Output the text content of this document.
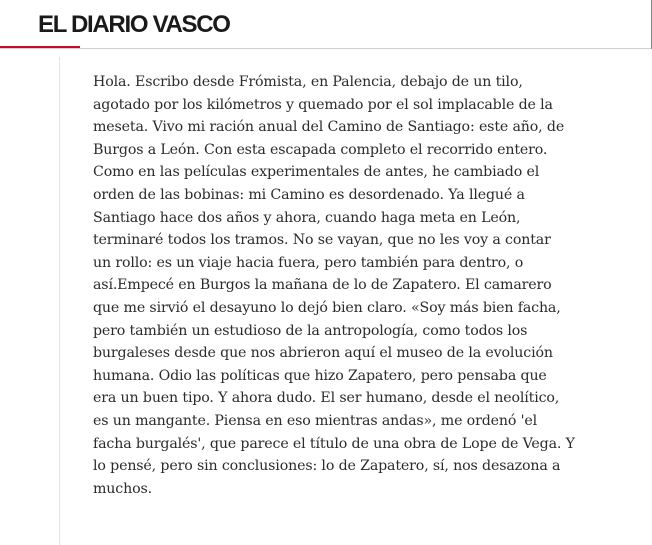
EL DIARIO VASCO

Hola. Escribo desde Frómista, en Palencia, debajo de un tilo,
agotado por los kilómetros y quemado por el sol implacable de la
meseta. Vivo mi ración anual del Camino de Santiago: este año, de
Burgos a León. Con esta escapada completo el recorrido entero.
Como en las películas experimentales de antes, he cambiado el
orden de las bobinas: mi Camino es desordenado. Ya llegué a
Santiago hace dos años y ahora, cuando haga meta en León,
terminaré todos los tramos. No se vayan, que no les voy a contar
un rollo: es un viaje hacia fuera, pero también para dentro, o
así.Empecé en Burgos la mañana de lo de Zapatero. El camarero
que me sirvió el desayuno lo dejó bien claro. «Soy más bien facha,
pero también un estudioso de la antropología, como todos los
burgaleses desde que nos abrieron aquí el museo de la evolución
humana. Odio las políticas que hizo Zapatero, pero pensaba que
era un buen tipo. Y ahora dudo. El ser humano, desde el neolítico,
es un mangante. Piensa en eso mientras andas», me ordenó 'el
facha burgalés', que parece el título de una obra de Lope de Vega. Y
lo pensé, pero sin conclusiones: lo de Zapatero, sí, nos desazona a
muchos.
